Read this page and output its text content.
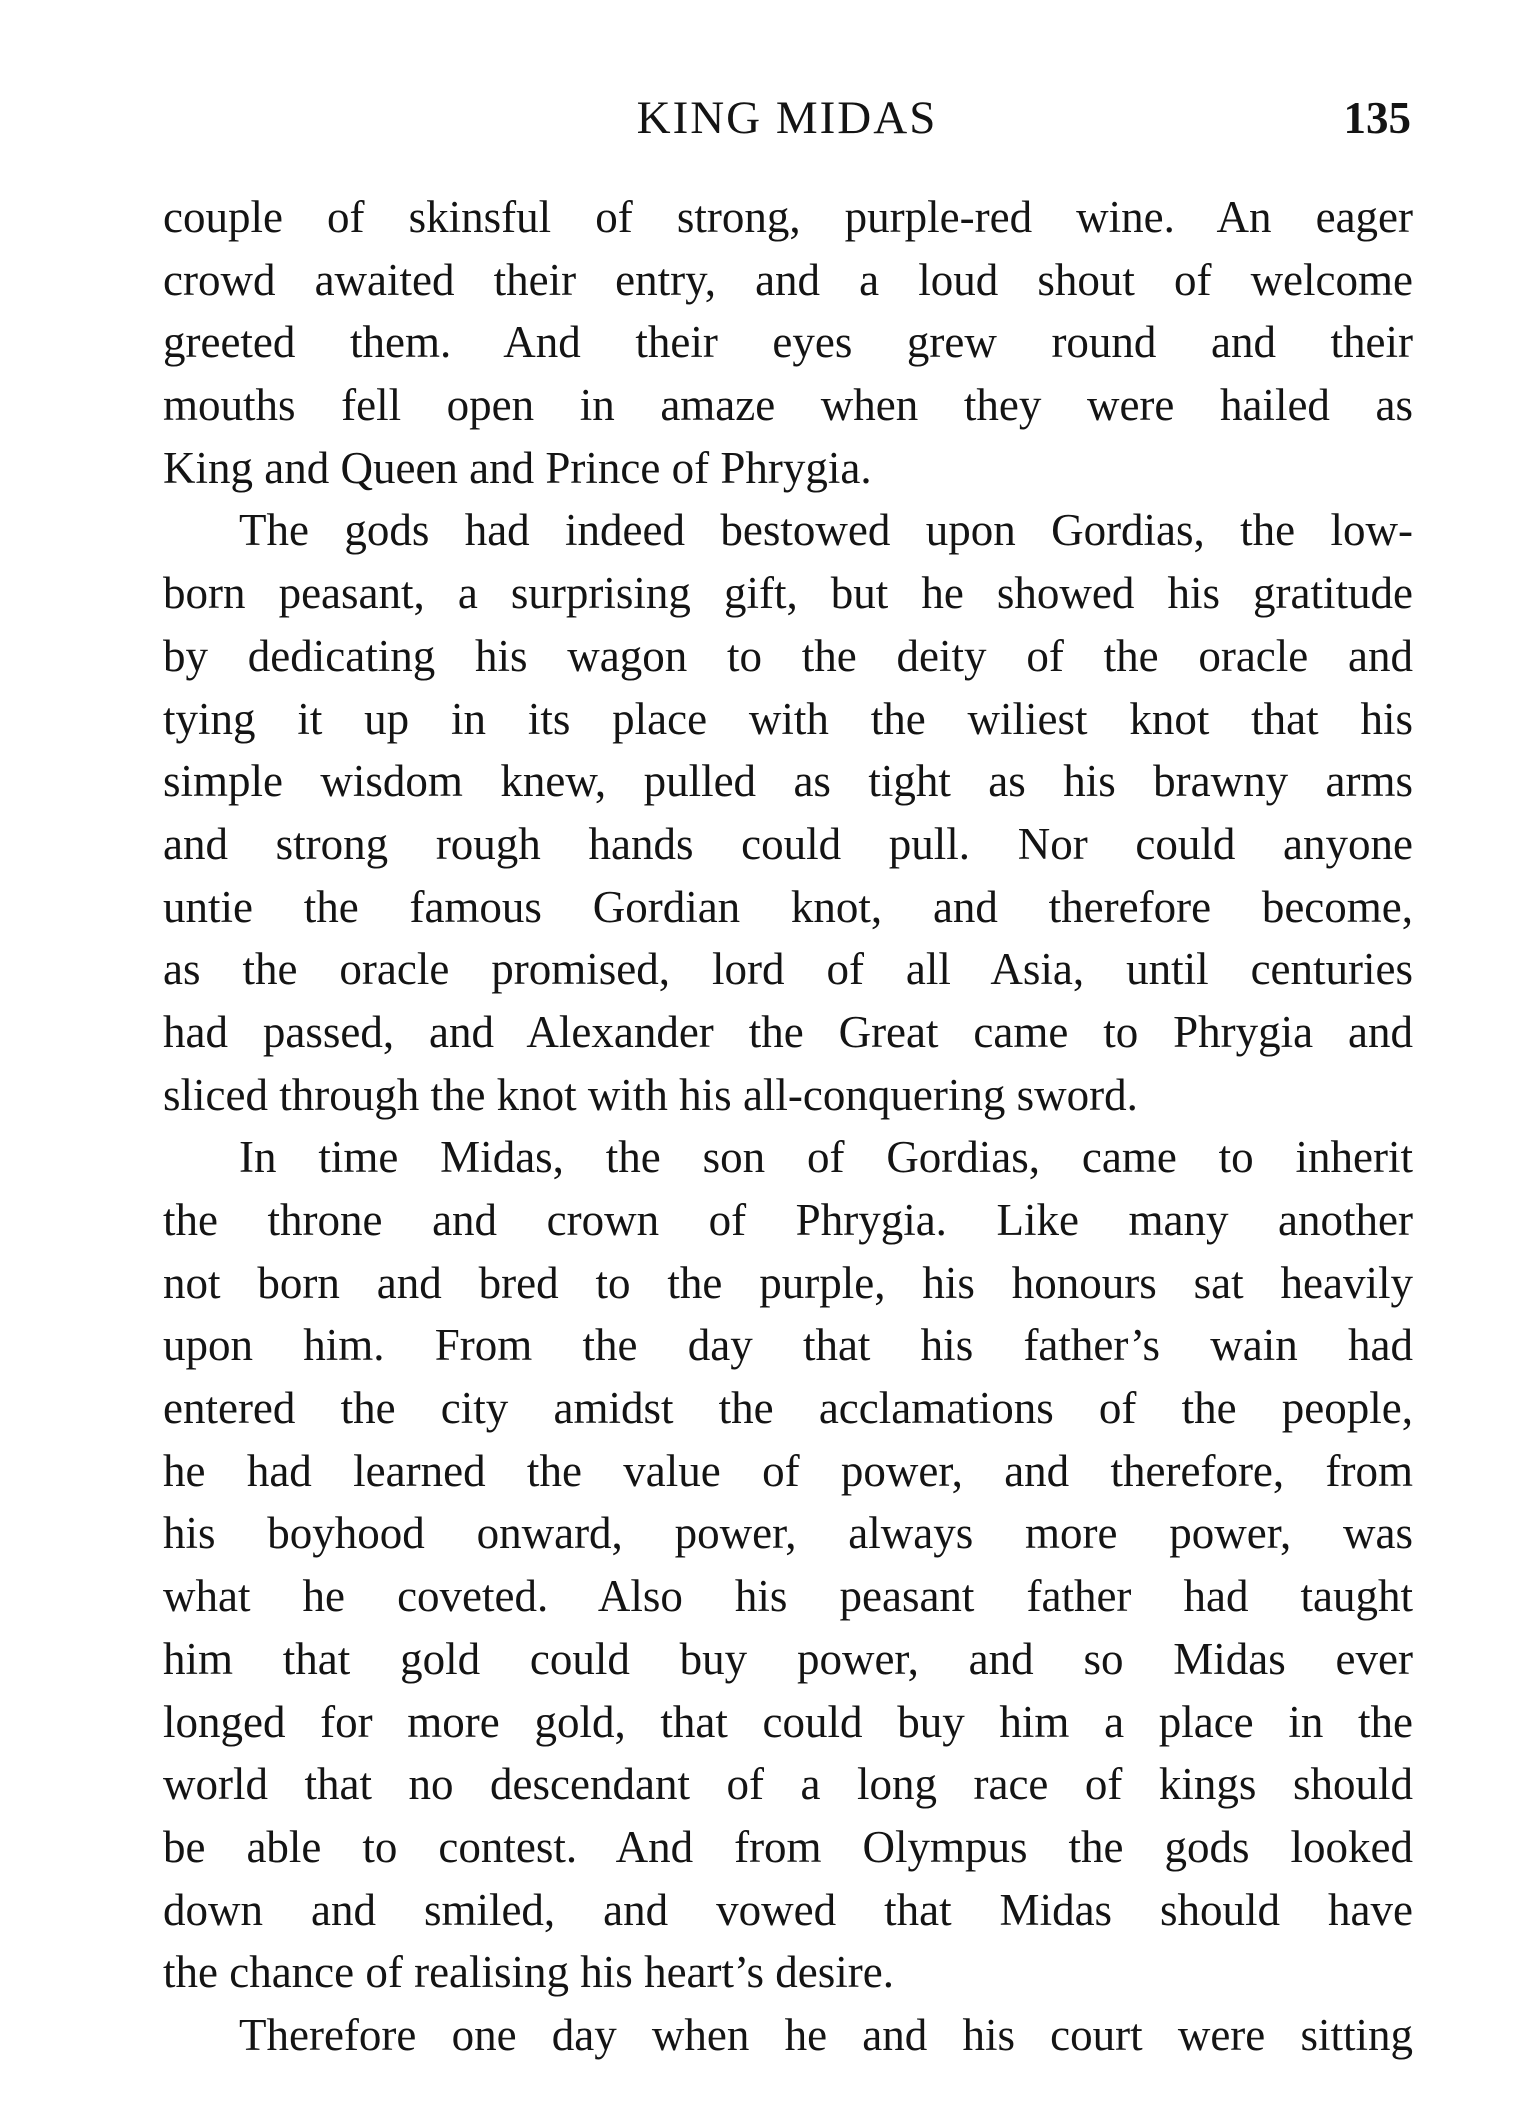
KING MIDAS	135
couple of skinsful of strong, purple-red wine. An eager
crowd awaited their entry, and a loud shout of welcome
greeted them. And their eyes grew round and their
mouths fell open in amaze when they were hailed as
King and Queen and Prince of Phrygia.
The gods had indeed bestowed upon Gordias, the low-
born peasant, a surprising gift, but he showed his gratitude
by dedicating his wagon to the deity of the oracle and
tying it up in its place with the wiliest knot that his
simple wisdom knew, pulled as tight as his brawny arms
and strong rough hands could pull. Nor could anyone
untie the famous Gordian knot, and therefore become,
as the oracle promised, lord of all Asia, until centuries
had passed, and Alexander the Great came to Phrygia and
sliced through the knot with his all-conquering sword.
In time Midas, the son of Gordias, came to inherit
the throne and crown of Phrygia. Like many another
not born and bred to the purple, his honours sat heavily
upon him. From the day that his father’s wain had
entered the city amidst the acclamations of the people,
he had learned the value of power, and therefore, from
his boyhood onward, power, always more power, was
what he coveted. Also his peasant father had taught
him that gold could buy power, and so Midas ever
longed for more gold, that could buy him a place in the
world that no descendant of a long race of kings should
be able to contest. And from Olympus the gods looked
down and smiled, and vowed that Midas should have
the chance of realising his heart’s desire.
Therefore one day when he and his court were sitting
